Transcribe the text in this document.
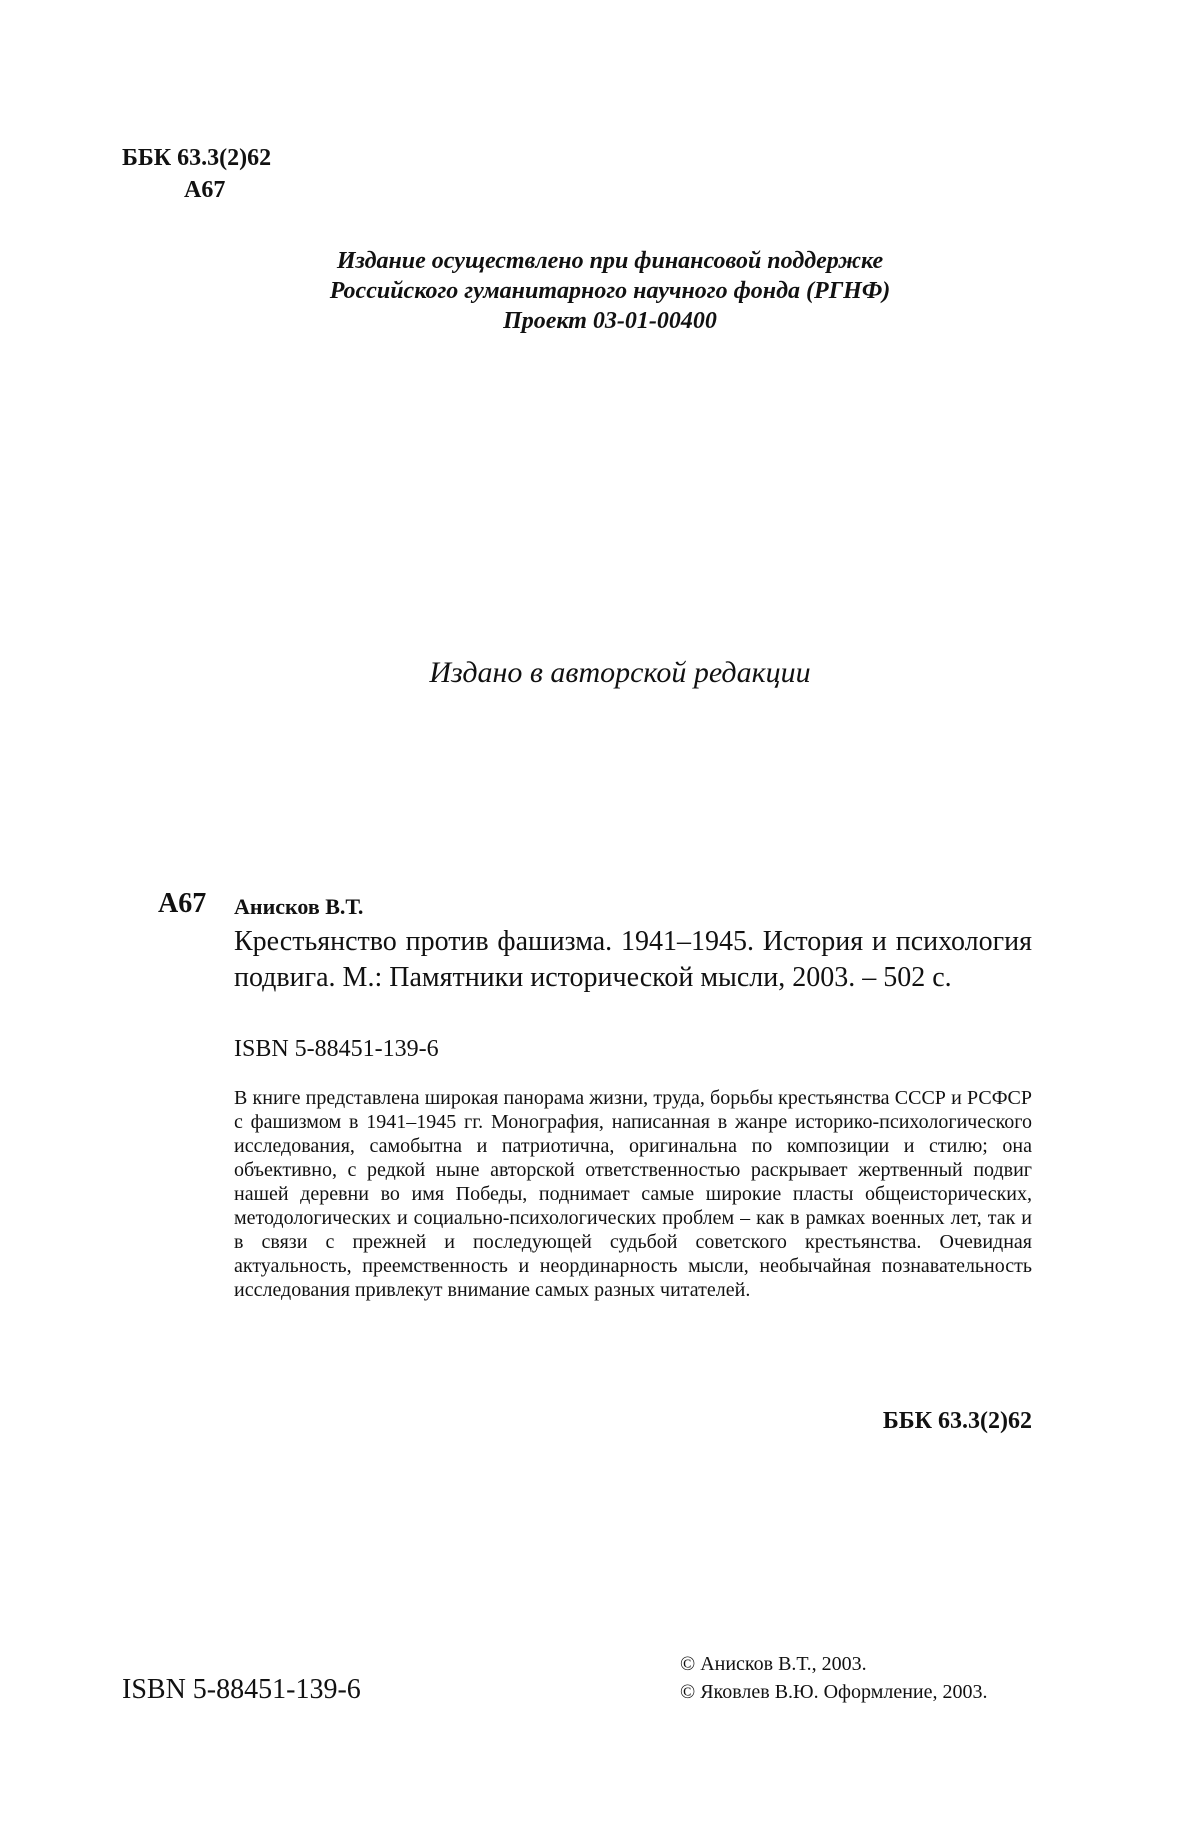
ББК 63.3(2)62
А67
Издание осуществлено при финансовой поддержке
Российского гуманитарного научного фонда (РГНФ)
Проект 03-01-00400
Издано в авторской редакции
А67 Анисков В.Т.
Крестьянство против фашизма. 1941–1945. История и психология подвига. М.: Памятники исторической мысли, 2003. – 502 с.
ISBN 5-88451-139-6
В книге представлена широкая панорама жизни, труда, борьбы крестьянства СССР и РСФСР с фашизмом в 1941–1945 гг. Монография, написанная в жанре историко-психологического исследования, самобытна и патриотична, оригинальна по композиции и стилю; она объективно, с редкой ныне авторской ответственностью раскрывает жертвенный подвиг нашей деревни во имя Победы, поднимает самые широкие пласты общеисторических, методологических и социально-психологических проблем – как в рамках военных лет, так и в связи с прежней и последующей судьбой советского крестьянства. Очевидная актуальность, преемственность и неординарность мысли, необычайная познавательность исследования привлекут внимание самых разных читателей.
ББК 63.3(2)62
ISBN 5-88451-139-6
© Анисков В.Т., 2003.
© Яковлев В.Ю. Оформление, 2003.
